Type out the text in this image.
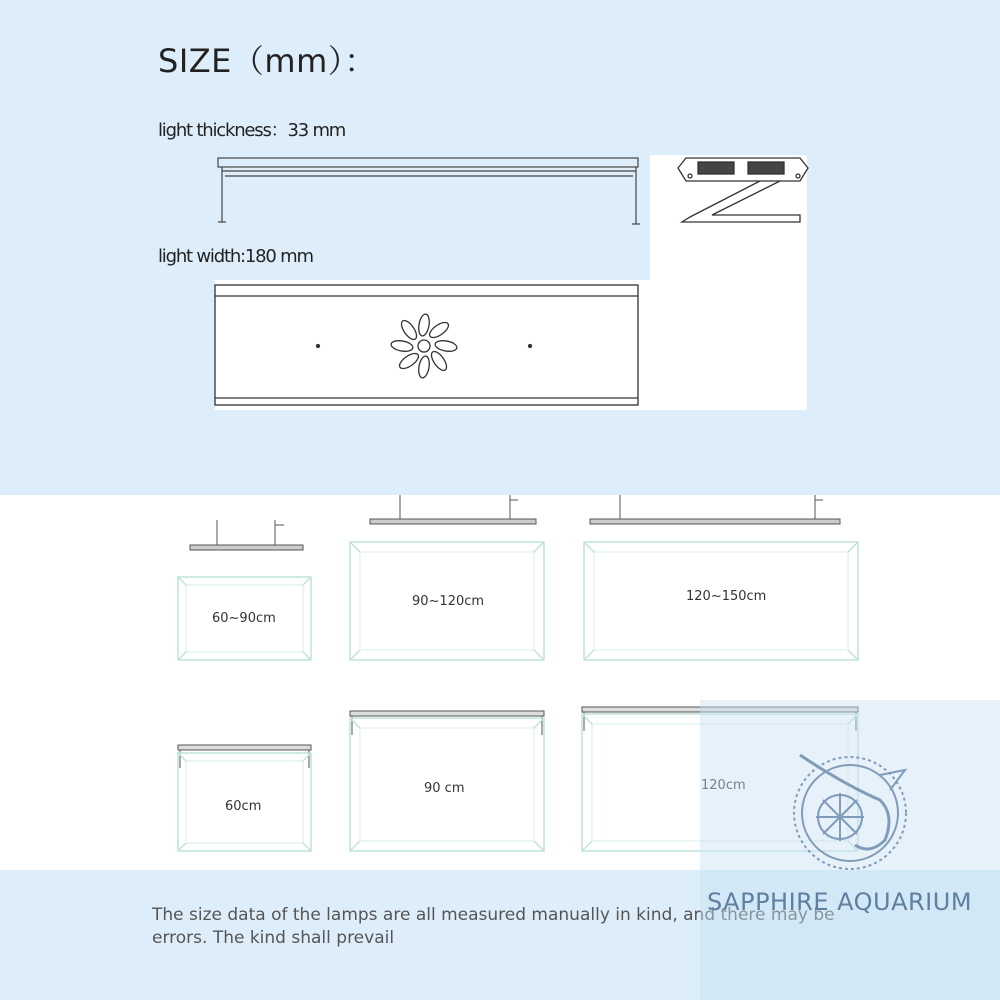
SIZE（mm）：
light thickness：33 mm
light width:180 mm
60~90cm
90~120cm	120~150cm
60cm
90 cm	120cm
The size data of the lamps are all measured manually in kind, and there may be errors. The kind shall prevail
SAPPHIRE AQUARIUM
